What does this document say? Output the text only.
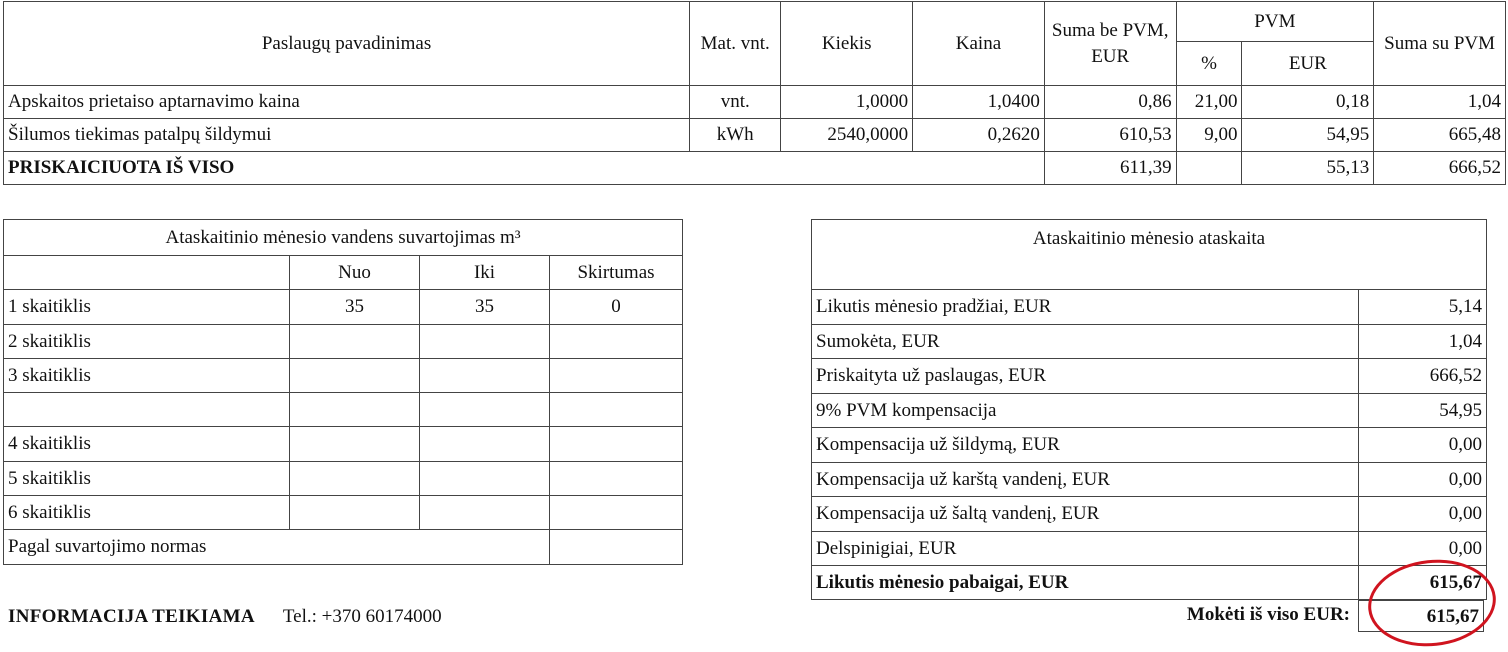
Paslaugų pavadinimas	Mat. vnt.	Kiekis	Kaina	Suma be PVM, EUR	PVM		Suma su PVM
					%	EUR	
Apskaitos prietaiso aptarnavimo kaina	vnt.	1,0000	1,0400	0,86	21,00	0,18	1,04
Šilumos tiekimas patalpų šildymui	kWh	2540,0000	0,2620	610,53	9,00	54,95	665,48
PRISKAICIUOTA IŠ VISO				611,39		55,13	666,52
Ataskaitinio mėnesio vandens suvartojimas m³			
	Nuo	Iki	Skirtumas
1 skaitiklis	35	35	0
2 skaitiklis			
3 skaitiklis			

4 skaitiklis			
5 skaitiklis			
6 skaitiklis			
Pagal suvartojimo normas			
Ataskaitinio mėnesio ataskaita	
Likutis mėnesio pradžiai, EUR	5,14
Sumokėta, EUR	1,04
Priskaityta už paslaugas, EUR	666,52
9% PVM kompensacija	54,95
Kompensacija už šildymą, EUR	0,00
Kompensacija už karštą vandenį, EUR	0,00
Kompensacija už šaltą vandenį, EUR	0,00
Delspinigiai, EUR	0,00
Likutis mėnesio pabaigai, EUR	615,67
Mokėti iš viso EUR:	615,67
INFORMACIJA TEIKIAMA Tel.: +370 60174000
